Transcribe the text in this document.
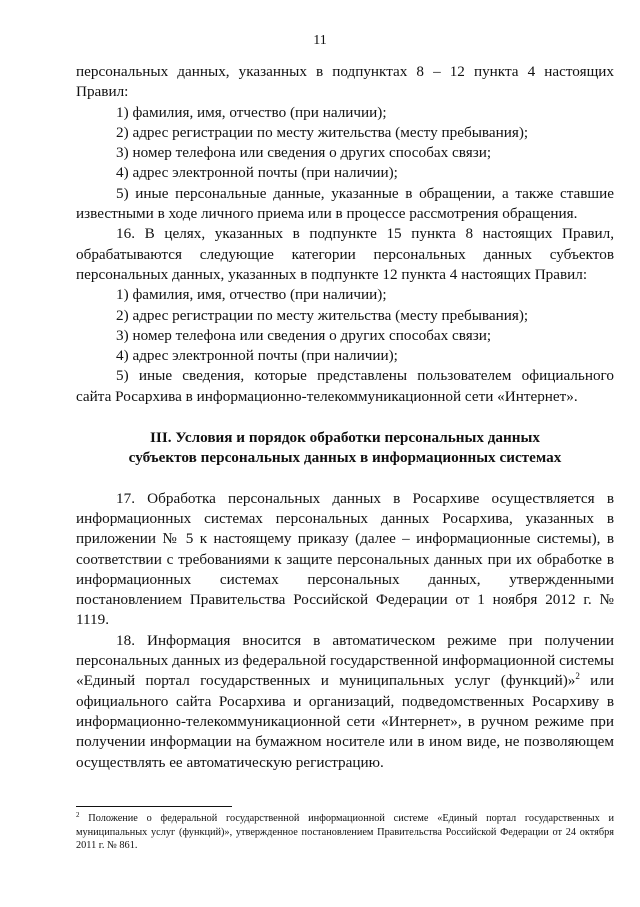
11

персональных данных, указанных в подпунктах 8 – 12 пункта 4 настоящих Правил:

1) фамилия, имя, отчество (при наличии);

2) адрес регистрации по месту жительства (месту пребывания);

3) номер телефона или сведения о других способах связи;

4) адрес электронной почты (при наличии);

5) иные персональные данные, указанные в обращении, а также ставшие известными в ходе личного приема или в процессе рассмотрения обращения.

16. В целях, указанных в подпункте 15 пункта 8 настоящих Правил, обрабатываются следующие категории персональных данных субъектов персональных данных, указанных в подпункте 12 пункта 4 настоящих Правил:

1) фамилия, имя, отчество (при наличии);

2) адрес регистрации по месту жительства (месту пребывания);

3) номер телефона или сведения о других способах связи;

4) адрес электронной почты (при наличии);

5) иные сведения, которые представлены пользователем официального сайта Росархива в информационно-телекоммуникационной сети «Интернет».

III. Условия и порядок обработки персональных данных
субъектов персональных данных в информационных системах

17. Обработка персональных данных в Росархиве осуществляется в информационных системах персональных данных Росархива, указанных в приложении № 5 к настоящему приказу (далее – информационные системы), в соответствии с требованиями к защите персональных данных при их обработке в информационных системах персональных данных, утвержденными постановлением Правительства Российской Федерации от 1 ноября 2012 г. № 1119.

18. Информация вносится в автоматическом режиме при получении персональных данных из федеральной государственной информационной системы «Единый портал государственных и муниципальных услуг (функций)»$^2$ или официального сайта Росархива и организаций, подведомственных Росархиву в информационно-телекоммуникационной сети «Интернет», в ручном режиме при получении информации на бумажном носителе или в ином виде, не позволяющем осуществлять ее автоматическую регистрацию.

$^2$ Положение о федеральной государственной информационной системе «Единый портал государственных и муниципальных услуг (функций)», утвержденное постановлением Правительства Российской Федерации от 24 октября 2011 г. № 861.
